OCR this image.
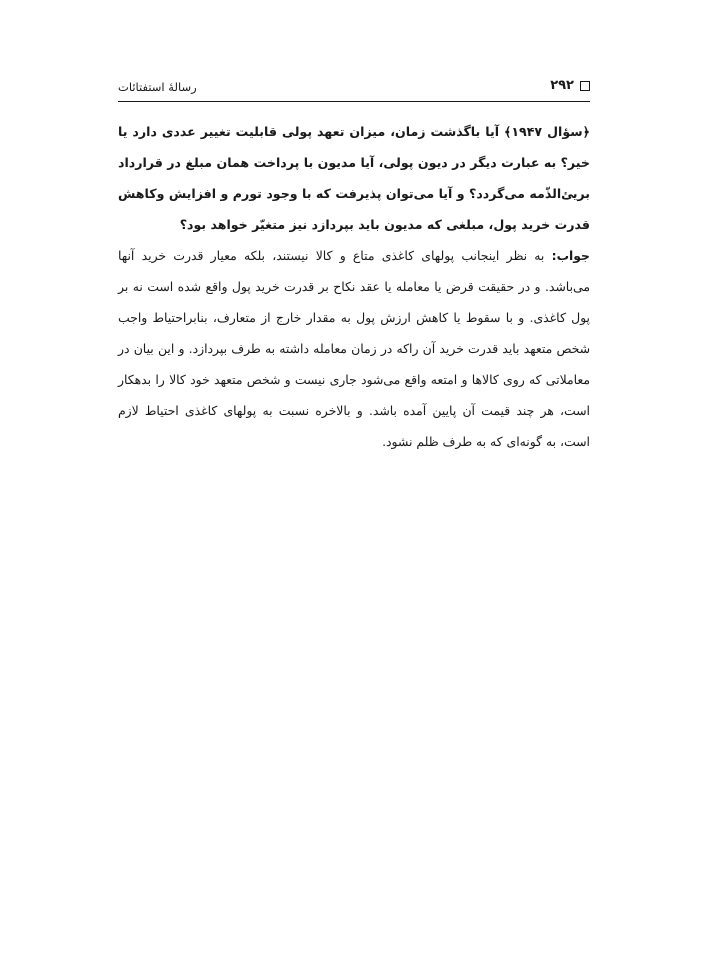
۲۹۲
رسالهٔ استفتائات

﴿سؤال ۱۹۴۷﴾ آیا باگذشت زمان، میزان تعهد پولی قابلیت تغییر عددی دارد یا خیر؟ به عبارت دیگر در دیون پولی، آیا مدیون با پرداخت همان مبلغ در قرارداد بریئ‌الذّمه می‌گردد؟ و آیا می‌توان پذیرفت که با وجود تورم و افزایش وکاهش قدرت خرید پول، مبلغی که مدیون باید بپردازد نیز متغیّر خواهد بود؟

جواب: به نظر اینجانب پولهای کاغذی متاع و کالا نیستند، بلکه معیار قدرت خرید آنها می‌باشد. و در حقیقت قرض یا معامله یا عقد نکاح بر قدرت خرید پول واقع شده است نه بر پول کاغذی. و با سقوط یا کاهش ارزش پول به مقدار خارج از متعارف، بنابراحتیاط واجب شخص متعهد باید قدرت خرید آن راکه در زمان معامله داشته به طرف بپردازد. و این بیان در معاملاتی که روی کالاها و امتعه واقع می‌شود جاری نیست و شخص متعهد خود کالا را بدهکار است، هر چند قیمت آن پایین آمده باشد. و بالاخره نسبت به پولهای کاغذی احتیاط لازم است، به گونه‌ای که به طرف ظلم نشود.
